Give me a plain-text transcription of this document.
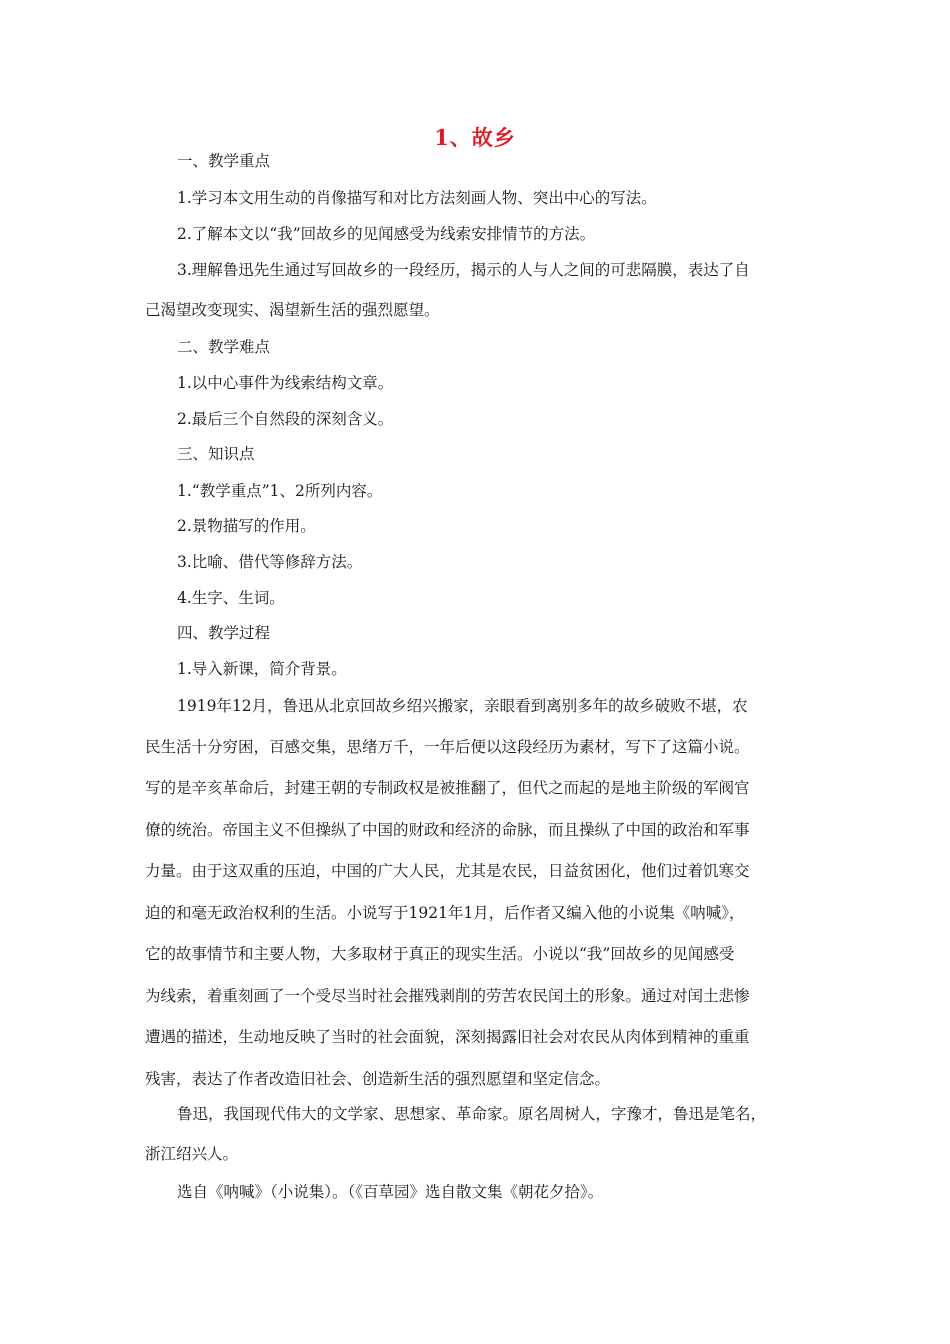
1、故乡

一、教学重点

1.学习本文用生动的肖像描写和对比方法刻画人物、突出中心的写法。

2.了解本文以“我”回故乡的见闻感受为线索安排情节的方法。

3.理解鲁迅先生通过写回故乡的一段经历，揭示的人与人之间的可悲隔膜，表达了自

己渴望改变现实、渴望新生活的强烈愿望。

二、教学难点

1.以中心事件为线索结构文章。

2.最后三个自然段的深刻含义。

三、知识点

1.“教学重点”1、2所列内容。

2.景物描写的作用。

3.比喻、借代等修辞方法。

4.生字、生词。

四、教学过程

1.导入新课，简介背景。

1919年12月，鲁迅从北京回故乡绍兴搬家，亲眼看到离别多年的故乡破败不堪，农

民生活十分穷困，百感交集，思绪万千，一年后便以这段经历为素材，写下了这篇小说。

写的是辛亥革命后，封建王朝的专制政权是被推翻了，但代之而起的是地主阶级的军阀官

僚的统治。帝国主义不但操纵了中国的财政和经济的命脉，而且操纵了中国的政治和军事

力量。由于这双重的压迫，中国的广大人民，尤其是农民，日益贫困化，他们过着饥寒交

迫的和毫无政治权利的生活。小说写于1921年1月，后作者又编入他的小说集《呐喊》，

它的故事情节和主要人物，大多取材于真正的现实生活。小说以“我”回故乡的见闻感受

为线索，着重刻画了一个受尽当时社会摧残剥削的劳苦农民闰土的形象。通过对闰土悲惨

遭遇的描述，生动地反映了当时的社会面貌，深刻揭露旧社会对农民从肉体到精神的重重

残害，表达了作者改造旧社会、创造新生活的强烈愿望和坚定信念。

鲁迅，我国现代伟大的文学家、思想家、革命家。原名周树人，字豫才，鲁迅是笔名，

浙江绍兴人。

选自《呐喊》（小说集）。（《百草园》选自散文集《朝花夕拾》。
